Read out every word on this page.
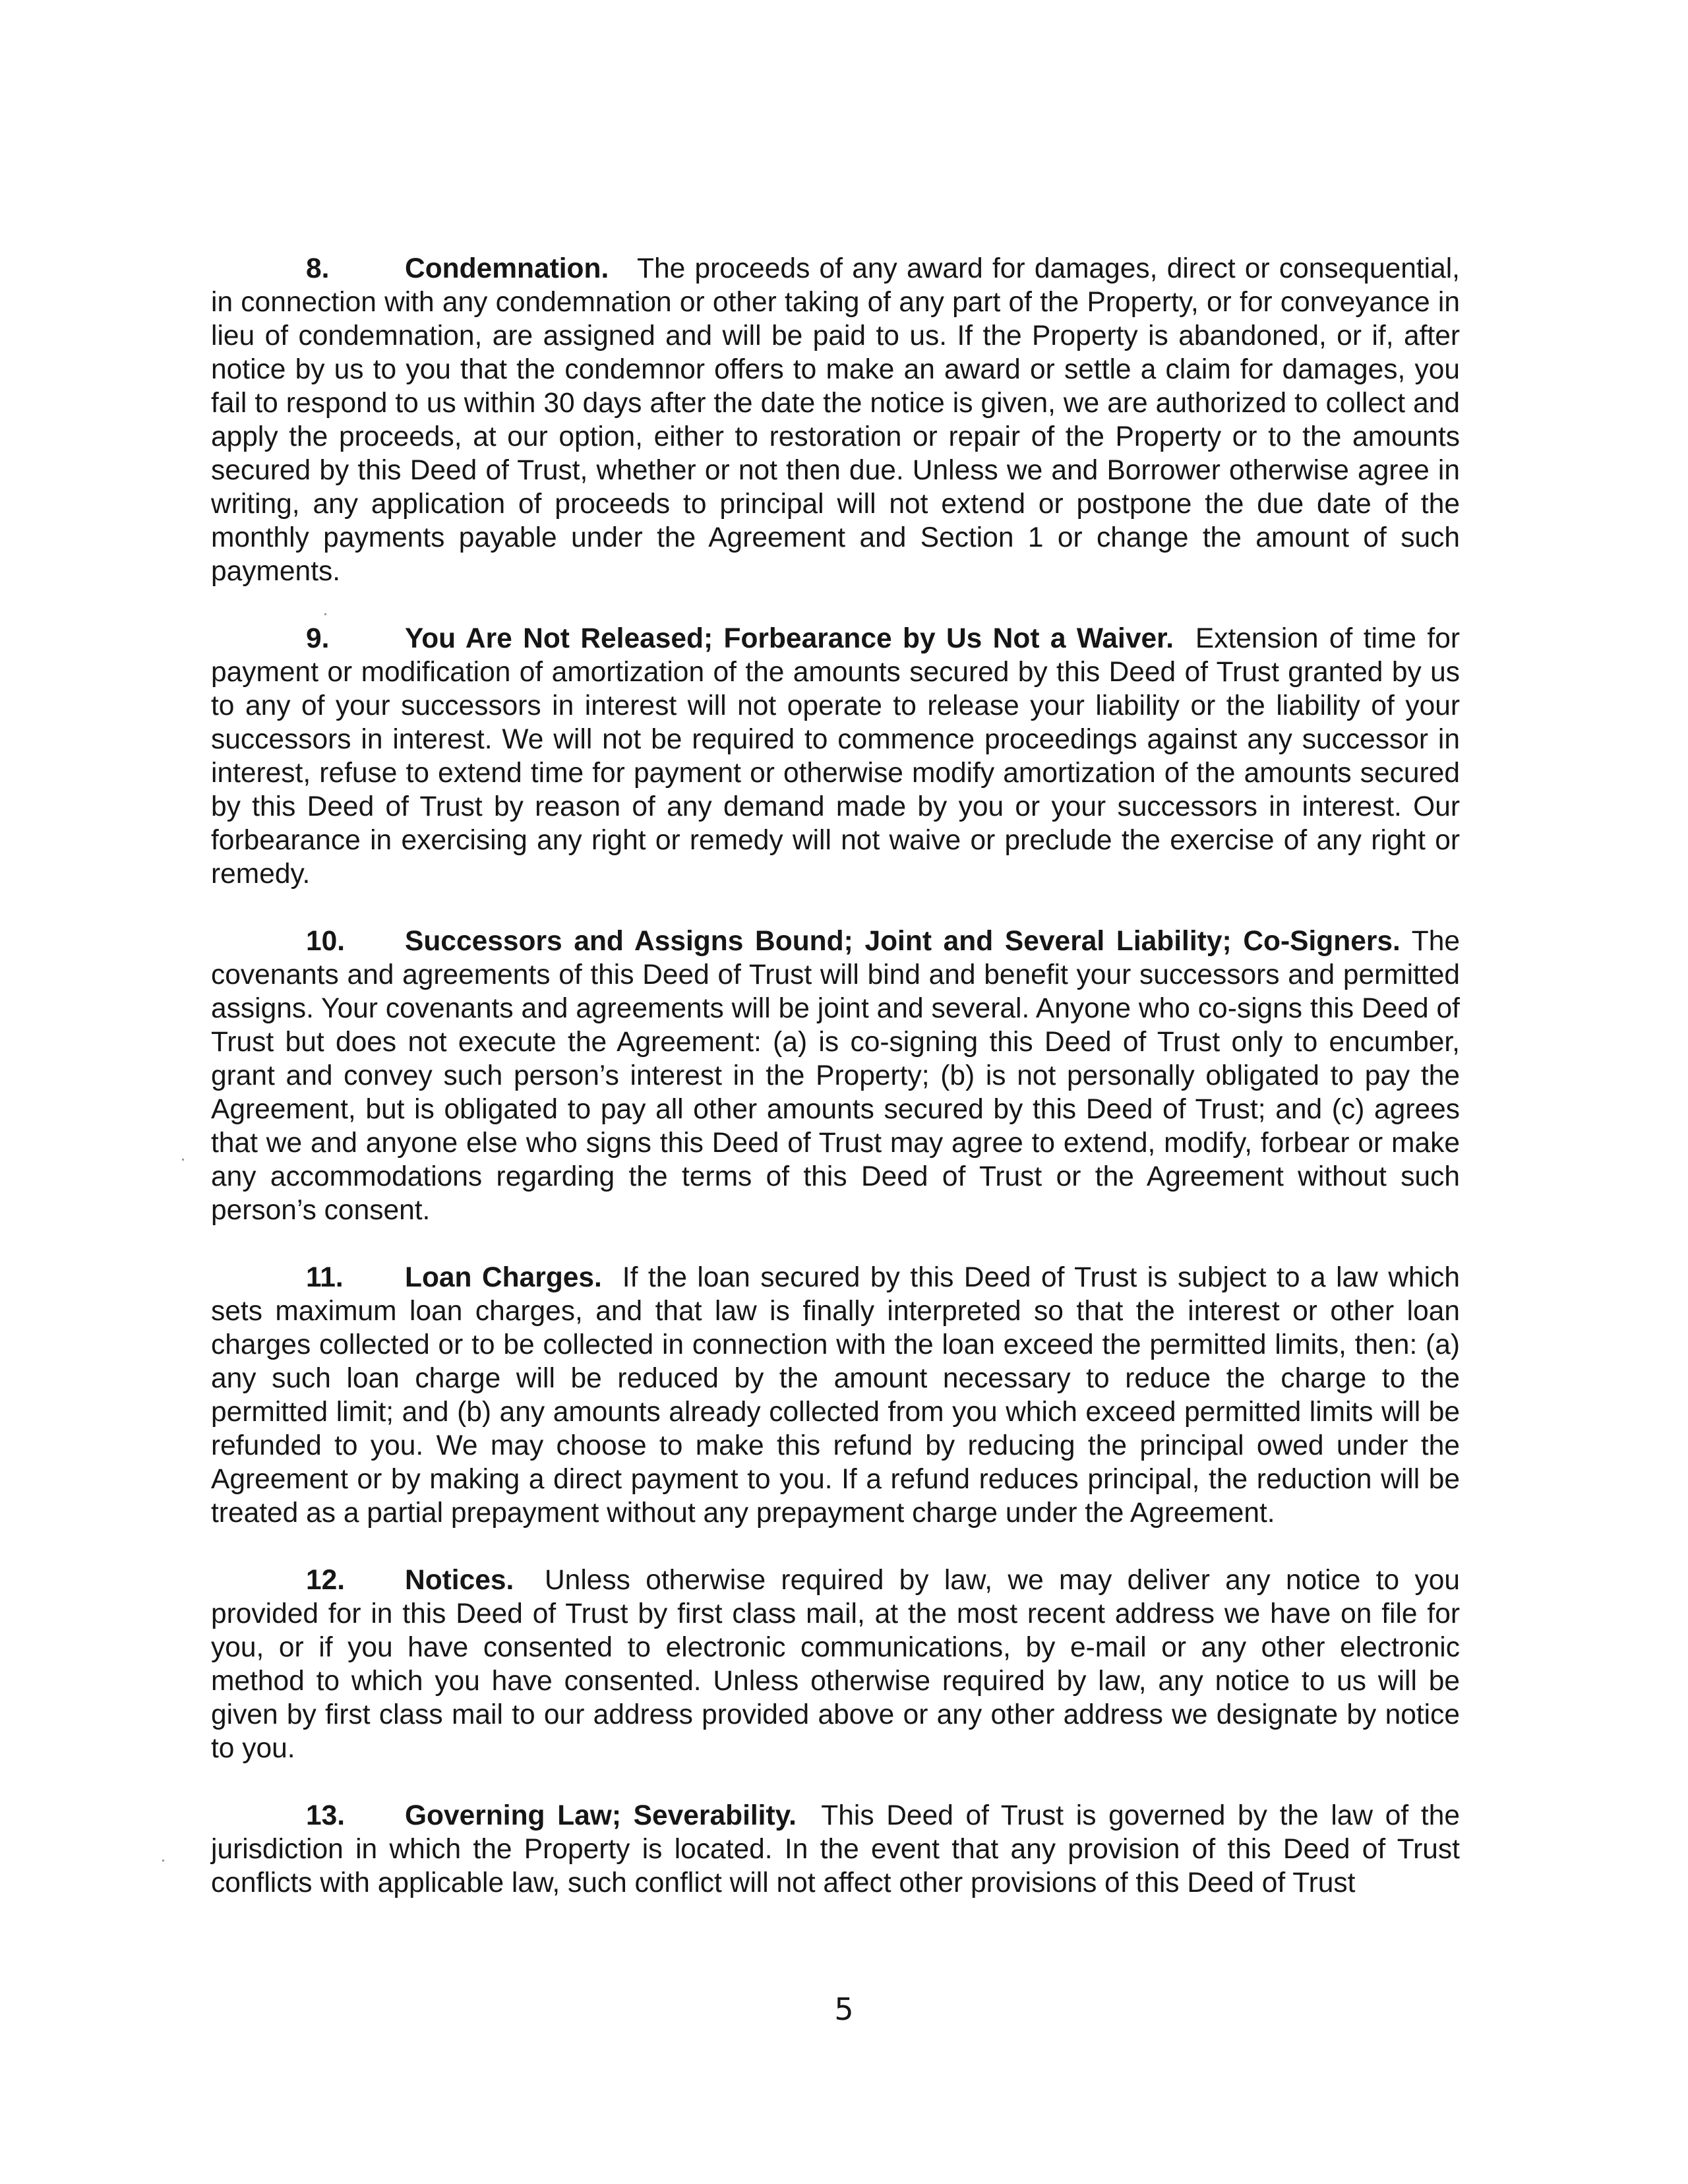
8.	Condemnation. The proceeds of any award for damages, direct or consequential, in connection with any condemnation or other taking of any part of the Property, or for conveyance in lieu of condemnation, are assigned and will be paid to us. If the Property is abandoned, or if, after notice by us to you that the condemnor offers to make an award or settle a claim for damages, you fail to respond to us within 30 days after the date the notice is given, we are authorized to collect and apply the proceeds, at our option, either to restoration or repair of the Property or to the amounts secured by this Deed of Trust, whether or not then due. Unless we and Borrower otherwise agree in writing, any application of proceeds to principal will not extend or postpone the due date of the monthly payments payable under the Agreement and Section 1 or change the amount of such payments.

9.	You Are Not Released; Forbearance by Us Not a Waiver. Extension of time for payment or modification of amortization of the amounts secured by this Deed of Trust granted by us to any of your successors in interest will not operate to release your liability or the liability of your successors in interest. We will not be required to commence proceedings against any successor in interest, refuse to extend time for payment or otherwise modify amortization of the amounts secured by this Deed of Trust by reason of any demand made by you or your successors in interest. Our forbearance in exercising any right or remedy will not waive or preclude the exercise of any right or remedy.

10. Successors and Assigns Bound; Joint and Several Liability; Co-Signers. The covenants and agreements of this Deed of Trust will bind and benefit your successors and permitted assigns. Your covenants and agreements will be joint and several. Anyone who co-signs this Deed of Trust but does not execute the Agreement: (a) is co-signing this Deed of Trust only to encumber, grant and convey such person’s interest in the Property; (b) is not personally obligated to pay the Agreement, but is obligated to pay all other amounts secured by this Deed of Trust; and (c) agrees that we and anyone else who signs this Deed of Trust may agree to extend, modify, forbear or make any accommodations regarding the terms of this Deed of Trust or the Agreement without such person’s consent.

11. Loan Charges. If the loan secured by this Deed of Trust is subject to a law which sets maximum loan charges, and that law is finally interpreted so that the interest or other loan charges collected or to be collected in connection with the loan exceed the permitted limits, then: (a) any such loan charge will be reduced by the amount necessary to reduce the charge to the permitted limit; and (b) any amounts already collected from you which exceed permitted limits will be refunded to you. We may choose to make this refund by reducing the principal owed under the Agreement or by making a direct payment to you. If a refund reduces principal, the reduction will be treated as a partial prepayment without any prepayment charge under the Agreement.

12. Notices. Unless otherwise required by law, we may deliver any notice to you provided for in this Deed of Trust by first class mail, at the most recent address we have on file for you, or if you have consented to electronic communications, by e-mail or any other electronic method to which you have consented. Unless otherwise required by law, any notice to us will be given by first class mail to our address provided above or any other address we designate by notice to you.

13. Governing Law; Severability. This Deed of Trust is governed by the law of the jurisdiction in which the Property is located. In the event that any provision of this Deed of Trust conflicts with applicable law, such conflict will not affect other provisions of this Deed of Trust

5
